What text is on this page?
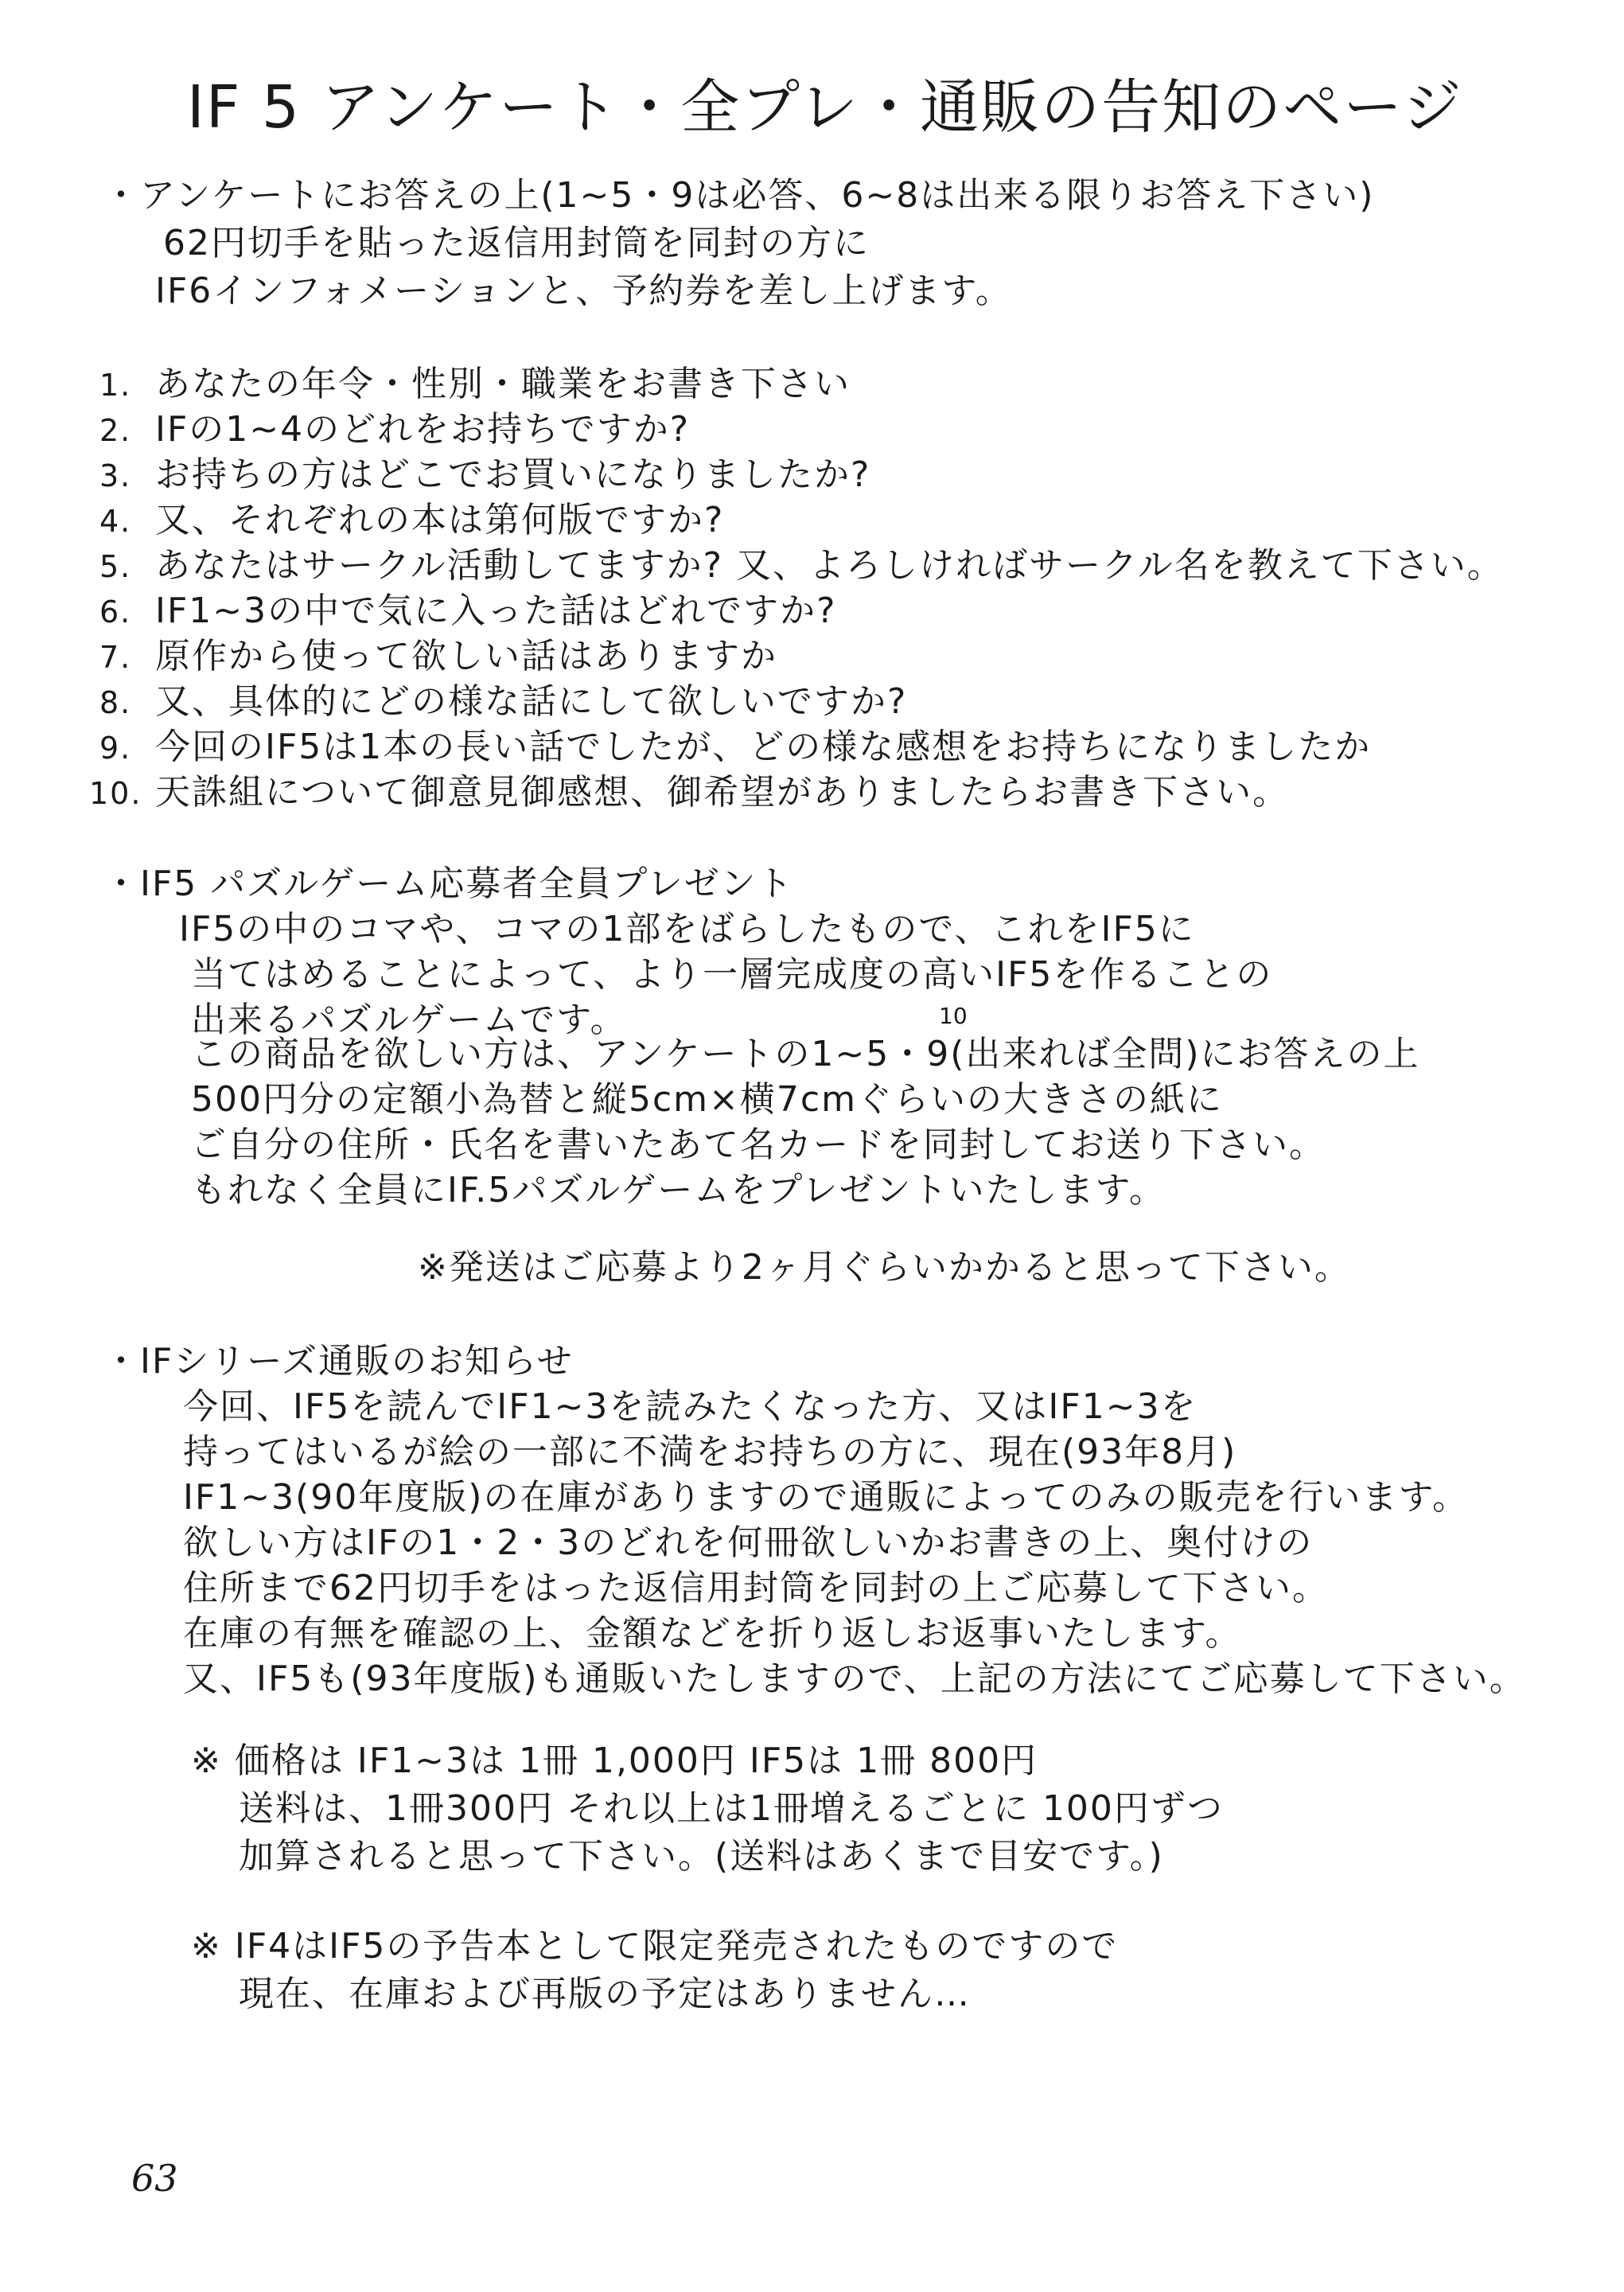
IF 5 アンケート・全プレ・通販の告知のページ
・アンケートにお答えの上(1~5・9は必答、6~8は出来る限りお答え下さい)
62円切手を貼った返信用封筒を同封の方に
IF6インフォメーションと、予約券を差し上げます。
1. あなたの年令・性別・職業をお書き下さい
2. IFの1~4のどれをお持ちですか?
3. お持ちの方はどこでお買いになりましたか?
4. 又、それぞれの本は第何版ですか?
5. あなたはサークル活動してますか? 又、よろしければサークル名を教えて下さい。
6. IF1~3の中で気に入った話はどれですか?
7. 原作から使って欲しい話はありますか
8. 又、具体的にどの様な話にして欲しいですか?
9. 今回のIF5は1本の長い話でしたが、どの様な感想をお持ちになりましたか
10. 天誅組について御意見御感想、御希望がありましたらお書き下さい。
・IF5 パズルゲーム応募者全員プレゼント
IF5の中のコマや、コマの1部をばらしたもので、これをIF5に
当てはめることによって、より一層完成度の高いIF5を作ることの
出来るパズルゲームです。	10
この商品を欲しい方は、アンケートの1~5・9(出来れば全問)にお答えの上
500円分の定額小為替と縦5cm×横7cmぐらいの大きさの紙に
ご自分の住所・氏名を書いたあて名カードを同封してお送り下さい。
もれなく全員にIF.5パズルゲームをプレゼントいたします。
※発送はご応募より2ヶ月ぐらいかかると思って下さい。
・IFシリーズ通販のお知らせ
今回、IF5を読んでIF1~3を読みたくなった方、又はIF1~3を
持ってはいるが絵の一部に不満をお持ちの方に、現在(93年8月)
IF1~3(90年度版)の在庫がありますので通販によってのみの販売を行います。
欲しい方はIFの1・2・3のどれを何冊欲しいかお書きの上、奥付けの
住所まで62円切手をはった返信用封筒を同封の上ご応募して下さい。
在庫の有無を確認の上、金額などを折り返しお返事いたします。
又、IF5も(93年度版)も通販いたしますので、上記の方法にてご応募して下さい。
※ 価格は IF1~3は 1冊 1,000円 IF5は 1冊 800円
送料は、1冊300円 それ以上は1冊増えるごとに 100円ずつ
加算されると思って下さい。(送料はあくまで目安です。)
※ IF4はIF5の予告本として限定発売されたものですので
現在、在庫および再版の予定はありません…
63
